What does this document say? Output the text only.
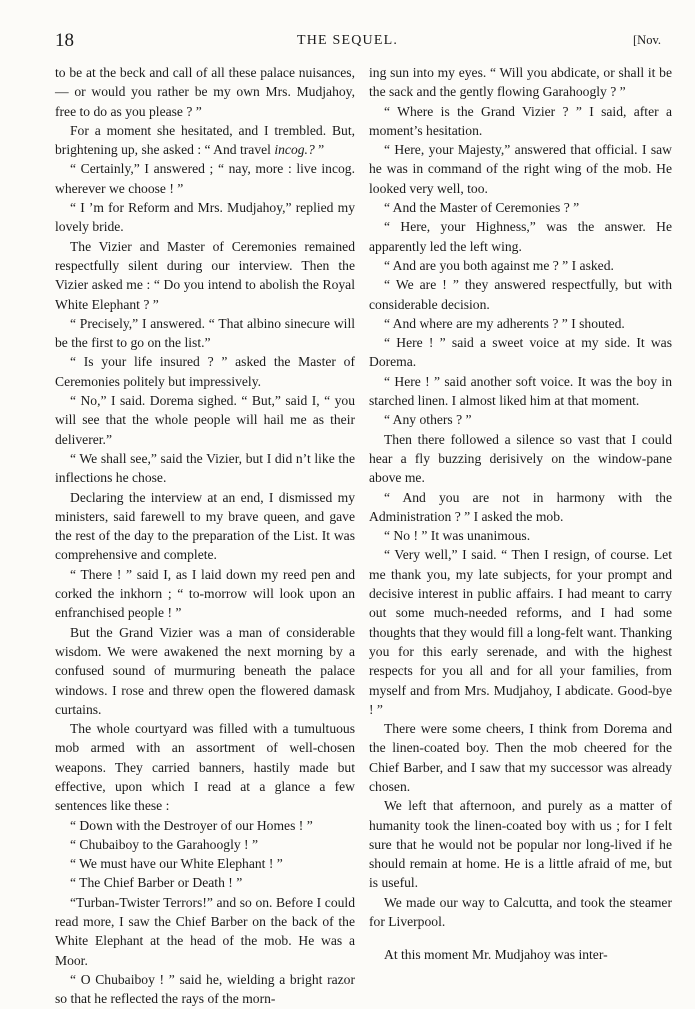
18	THE SEQUEL.	[Nov.

to be at the beck and call of all these palace nuisances,— or would you rather be my own Mrs. Mudjahoy, free to do as you please ? ”

For a moment she hesitated, and I trembled. But, brightening up, she asked : “ And travel incog.? ”

“ Certainly,” I answered ; “ nay, more : live incog. wherever we choose ! ”

“ I ’m for Reform and Mrs. Mudjahoy,” replied my lovely bride.

The Vizier and Master of Ceremonies remained respectfully silent during our interview. Then the Vizier asked me : “ Do you intend to abolish the Royal White Elephant ? ”

“ Precisely,” I answered. “ That albino sinecure will be the first to go on the list.”

“ Is your life insured ? ” asked the Master of Ceremonies politely but impressively.

“ No,” I said. Dorema sighed. “ But,” said I, “ you will see that the whole people will hail me as their deliverer.”

“ We shall see,” said the Vizier, but I did n’t like the inflections he chose.

Declaring the interview at an end, I dismissed my ministers, said farewell to my brave queen, and gave the rest of the day to the preparation of the List. It was comprehensive and complete.

“ There ! ” said I, as I laid down my reed pen and corked the inkhorn ; “ to-morrow will look upon an enfranchised people ! ”

But the Grand Vizier was a man of considerable wisdom. We were awakened the next morning by a confused sound of murmuring beneath the palace windows. I rose and threw open the flowered damask curtains.

The whole courtyard was filled with a tumultuous mob armed with an assortment of well-chosen weapons. They carried banners, hastily made but effective, upon which I read at a glance a few sentences like these :

“ Down with the Destroyer of our Homes ! ”

“ Chubaiboy to the Garahoogly ! ”

“ We must have our White Elephant ! ”

“ The Chief Barber or Death ! ”

“Turban-Twister Terrors!” and so on. Before I could read more, I saw the Chief Barber on the back of the White Elephant at the head of the mob. He was a Moor.

“ O Chubaiboy ! ” said he, wielding a bright razor so that he reflected the rays of the morn-

ing sun into my eyes. “ Will you abdicate, or shall it be the sack and the gently flowing Garahoogly ? ”

“ Where is the Grand Vizier ? ” I said, after a moment’s hesitation.

“ Here, your Majesty,” answered that official. I saw he was in command of the right wing of the mob. He looked very well, too.

“ And the Master of Ceremonies ? ”

“ Here, your Highness,” was the answer. He apparently led the left wing.

“ And are you both against me ? ” I asked.

“ We are ! ” they answered respectfully, but with considerable decision.

“ And where are my adherents ? ” I shouted.

“ Here ! ” said a sweet voice at my side. It was Dorema.

“ Here ! ” said another soft voice. It was the boy in starched linen. I almost liked him at that moment.

“ Any others ? ”

Then there followed a silence so vast that I could hear a fly buzzing derisively on the window-pane above me.

“ And you are not in harmony with the Administration ? ” I asked the mob.

“ No ! ” It was unanimous.

“ Very well,” I said. “ Then I resign, of course. Let me thank you, my late subjects, for your prompt and decisive interest in public affairs. I had meant to carry out some much-needed reforms, and I had some thoughts that they would fill a long-felt want. Thanking you for this early serenade, and with the highest respects for you all and for all your families, from myself and from Mrs. Mudjahoy, I abdicate. Good-bye ! ”

There were some cheers, I think from Dorema and the linen-coated boy. Then the mob cheered for the Chief Barber, and I saw that my successor was already chosen.

We left that afternoon, and purely as a matter of humanity took the linen-coated boy with us ; for I felt sure that he would not be popular nor long-lived if he should remain at home. He is a little afraid of me, but is useful.

We made our way to Calcutta, and took the steamer for Liverpool.

At this moment Mr. Mudjahoy was inter-
